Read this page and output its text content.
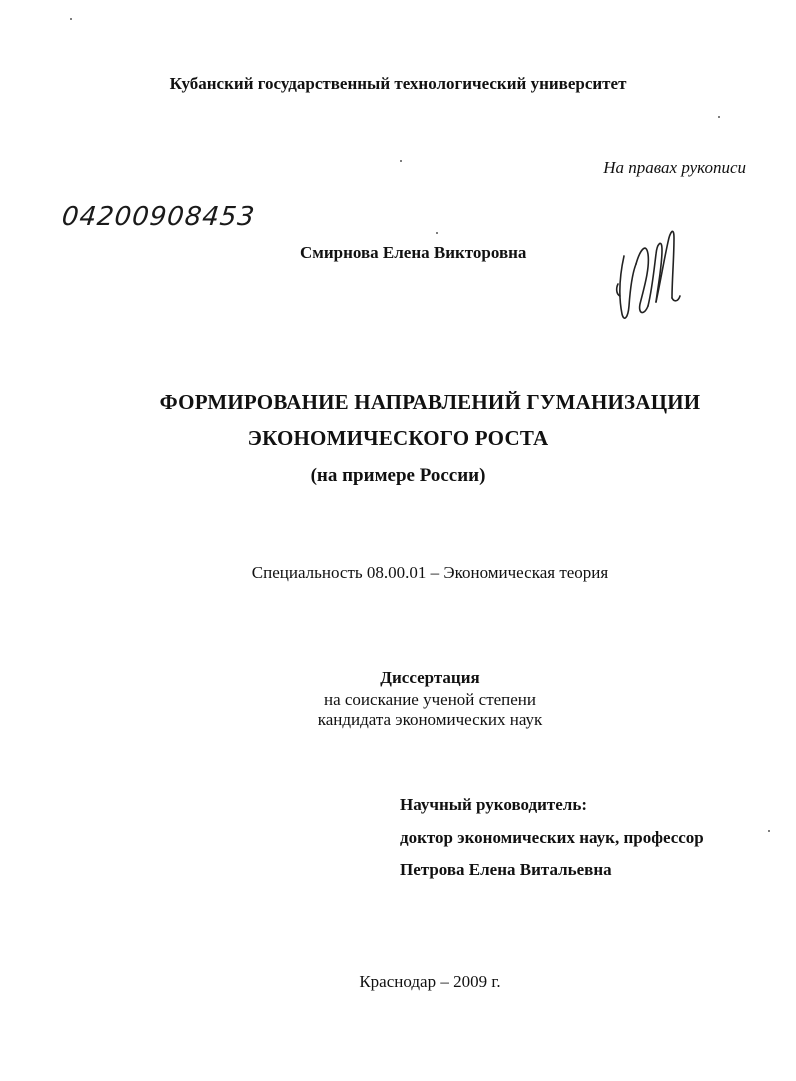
Кубанский государственный технологический университет

На правах рукописи

04200908453

Смирнова Елена Викторовна

ФОРМИРОВАНИЕ НАПРАВЛЕНИЙ ГУМАНИЗАЦИИ

ЭКОНОМИЧЕСКОГО РОСТА

(на примере России)

Специальность 08.00.01 – Экономическая теория

Диссертация

на соискание ученой степени

кандидата экономических наук

Научный руководитель:

доктор экономических наук, профессор

Петрова Елена Витальевна

Краснодар – 2009 г.
